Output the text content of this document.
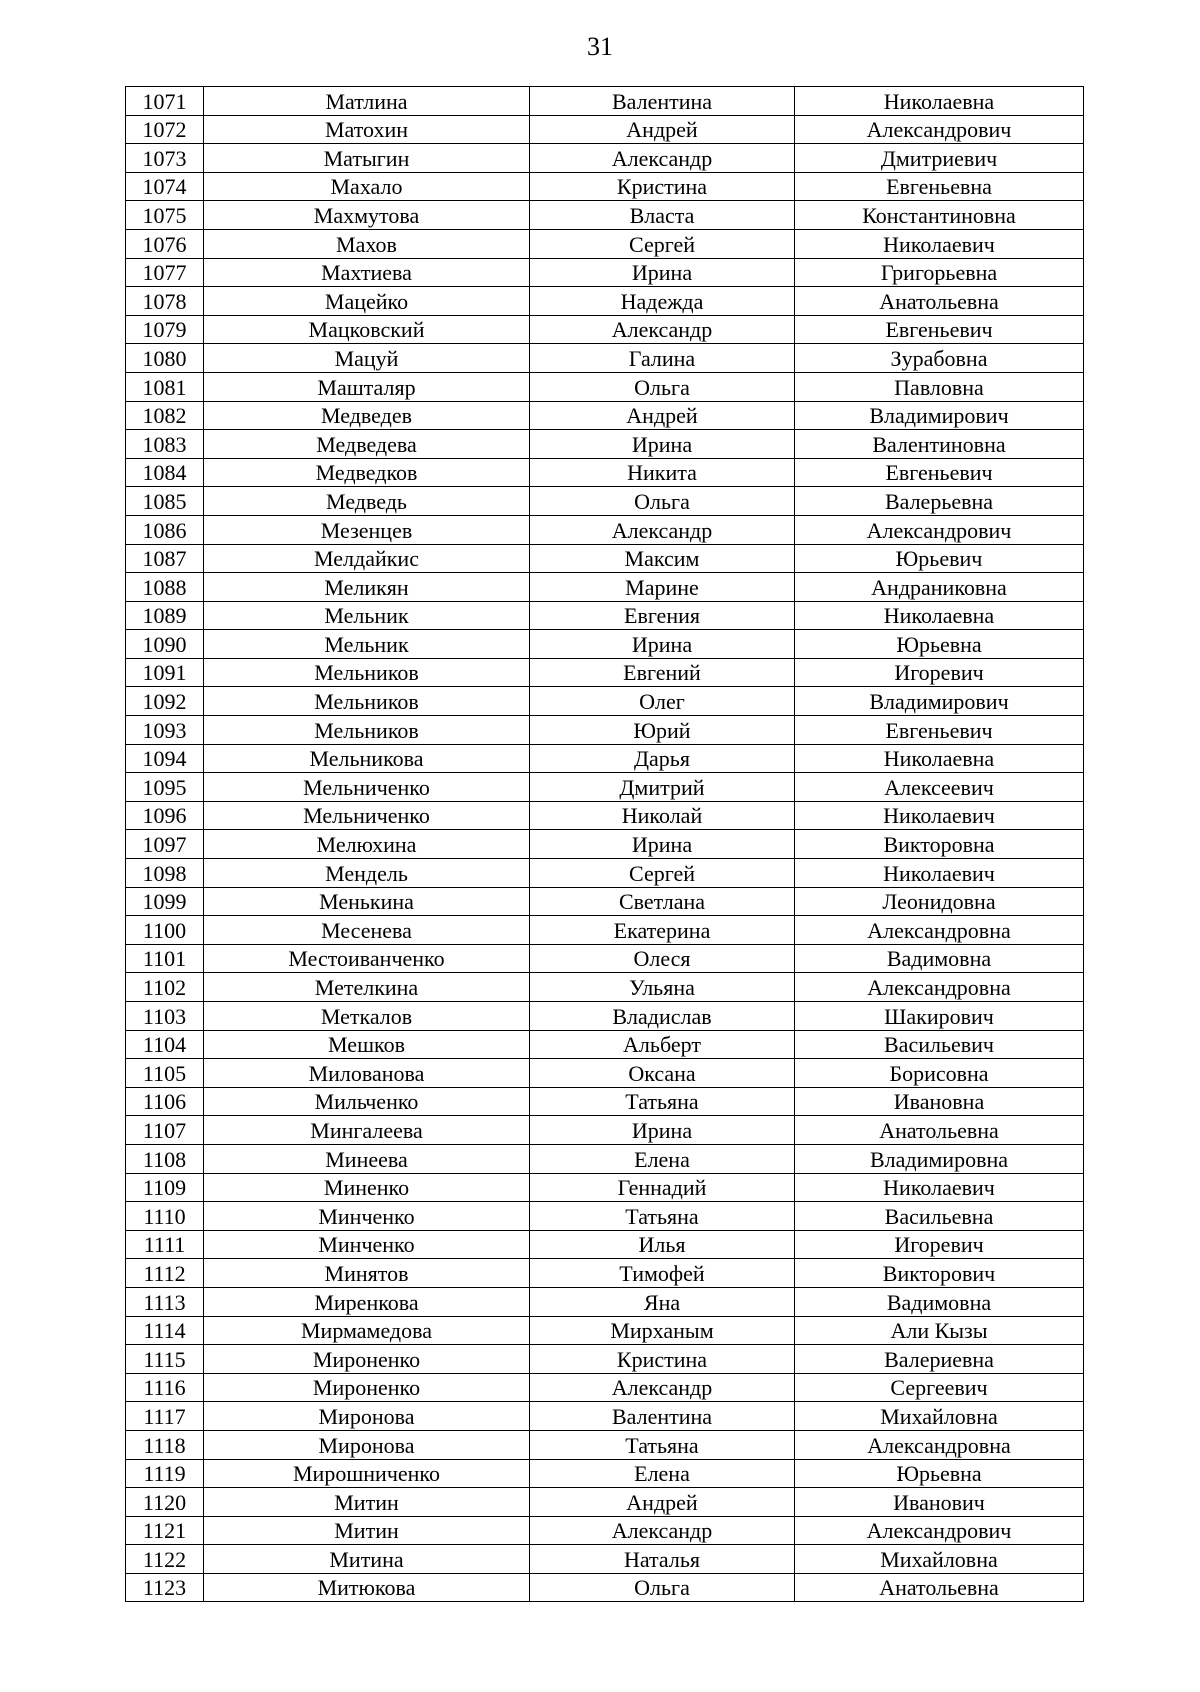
31
1071	Матлина	Валентина	Николаевна
1072	Матохин	Андрей	Александрович
1073	Матыгин	Александр	Дмитриевич
1074	Махало	Кристина	Евгеньевна
1075	Махмутова	Власта	Константиновна
1076	Махов	Сергей	Николаевич
1077	Махтиева	Ирина	Григорьевна
1078	Мацейко	Надежда	Анатольевна
1079	Мацковский	Александр	Евгеньевич
1080	Мацуй	Галина	Зурабовна
1081	Машталяр	Ольга	Павловна
1082	Медведев	Андрей	Владимирович
1083	Медведева	Ирина	Валентиновна
1084	Медведков	Никита	Евгеньевич
1085	Медведь	Ольга	Валерьевна
1086	Мезенцев	Александр	Александрович
1087	Мелдайкис	Максим	Юрьевич
1088	Меликян	Марине	Андраниковна
1089	Мельник	Евгения	Николаевна
1090	Мельник	Ирина	Юрьевна
1091	Мельников	Евгений	Игоревич
1092	Мельников	Олег	Владимирович
1093	Мельников	Юрий	Евгеньевич
1094	Мельникова	Дарья	Николаевна
1095	Мельниченко	Дмитрий	Алексеевич
1096	Мельниченко	Николай	Николаевич
1097	Мелюхина	Ирина	Викторовна
1098	Мендель	Сергей	Николаевич
1099	Менькина	Светлана	Леонидовна
1100	Месенева	Екатерина	Александровна
1101	Местоиванченко	Олеся	Вадимовна
1102	Метелкина	Ульяна	Александровна
1103	Меткалов	Владислав	Шакирович
1104	Мешков	Альберт	Васильевич
1105	Милованова	Оксана	Борисовна
1106	Мильченко	Татьяна	Ивановна
1107	Мингалеева	Ирина	Анатольевна
1108	Минеева	Елена	Владимировна
1109	Миненко	Геннадий	Николаевич
1110	Минченко	Татьяна	Васильевна
1111	Минченко	Илья	Игоревич
1112	Минятов	Тимофей	Викторович
1113	Миренкова	Яна	Вадимовна
1114	Мирмамедова	Мирханым	Али Кызы
1115	Мироненко	Кристина	Валериевна
1116	Мироненко	Александр	Сергеевич
1117	Миронова	Валентина	Михайловна
1118	Миронова	Татьяна	Александровна
1119	Мирошниченко	Елена	Юрьевна
1120	Митин	Андрей	Иванович
1121	Митин	Александр	Александрович
1122	Митина	Наталья	Михайловна
1123	Митюкова	Ольга	Анатольевна
